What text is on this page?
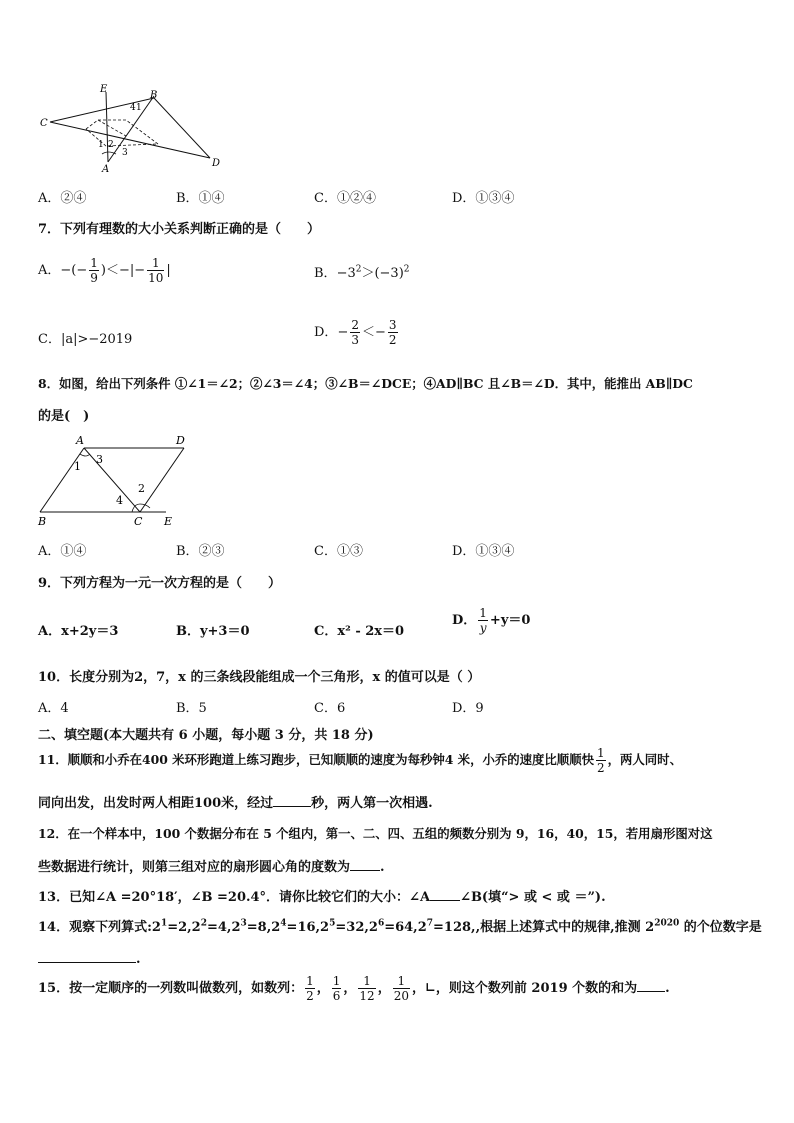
E
B
C
A
D
1 2
3
4 1
A．②④	B．①④	C．①②④	D．①③④
7．下列有理数的大小关系判断正确的是（　　）
A．−(− $\frac{1}{9}$ )＜−|− $\frac{1}{10}$ |	B．$-3^2>(-3)^2$
C．|a|>−2019	D．− $\frac{2}{3} <- \frac{3}{2}$
8．如图，给出下列条件 ①∠1＝∠2；②∠3＝∠4；③∠B＝∠DCE；④AD∥BC 且∠B＝∠D．其中，能推出 AB∥DC
的是(　)
A	D
B	C E
1
3
4
2
A．①④	B．②③	C．①③	D．①③④
9．下列方程为一元一次方程的是（　　）
A．x+2y＝3	B．y+3＝0	C．x² - 2x＝0
D． $\frac{1}{y} +y=0$
10．长度分别为2，7，x 的三条线段能组成一个三角形，x 的值可以是（ ）
A．4	B．5	C．6	D．9
二、填空题(本大题共有 6 小题，每小题 3 分，共 18 分)
11．顺顺和小乔在400 米环形跑道上练习跑步，已知顺顺的速度为每秒钟4 米，小乔的速度比顺顺快 $\frac{1}{2}$ ，两人同时、
同向出发，出发时两人相距100米，经过	秒，两人第一次相遇.
12．在一个样本中，100 个数据分布在 5 个组内，第一、二、四、五组的频数分别为 9，16，40，15，若用扇形图对这
些数据进行统计，则第三组对应的扇形圆心角的度数为 .
13．已知∠A =20°18′，∠B =20.4°．请你比较它们的大小：∠A ∠B(填“> 或 < 或 ＝”).
14．观察下列算式$:2^1=2,2^2=4,2^3=8,2^4=16,2^5=32,2^6=64,2^7=128$,,根据上述算式中的规律,推测 $2^{2020}$ 的个位数字是
.
15．按一定顺序的一列数叫做数列，如数列： $\frac{1}{2}$ ， $\frac{1}{6}$ ， $\frac{1}{12}$ ， $\frac{1}{20}$ ，∟，则这个数列前 2019 个数的和为 .
